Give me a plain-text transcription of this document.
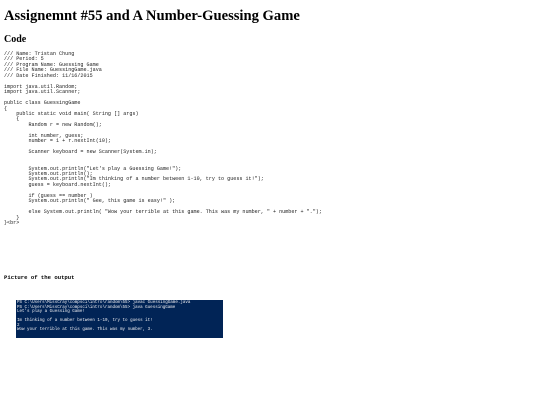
Assignemnt #55 and A Number-Guessing Game
Code
/// Name: Tristan Chung
/// Period: 5
/// Program Name: Guessing Game
/// File Name: GuessingGame.java
/// Date Finished: 11/16/2015

import java.util.Random;
import java.util.Scanner;

public class GuessingGame
{
public static void main( String [] args)
{
Random r = new Random();

int number, guess;
number = 1 + r.nextInt(10);

Scanner keyboard = new Scanner(System.in);

System.out.println("Let's play a Guessing Game!");
System.out.println();
System.out.println("Im thinking of a number between 1-10, try to guess it!");
guess = keyboard.nextInt();

if (guess == number )
System.out.println(" Gee, this game is easy!" );

else System.out.println( "Wow your terrible at this game. This was my number, " + number + ".");
}
}<br>
Picture of the output
PS C:\Users\MissCray\compsci\intro\random\55> javac GuessingGame.java
PS C:\Users\MissCray\compsci\intro\random\55> java GuessingGame
Let's play a Guessing Game!

Im thinking of a number between 1-10, try to guess it!
2
Wow your terrible at this game. This was my number, 3.
